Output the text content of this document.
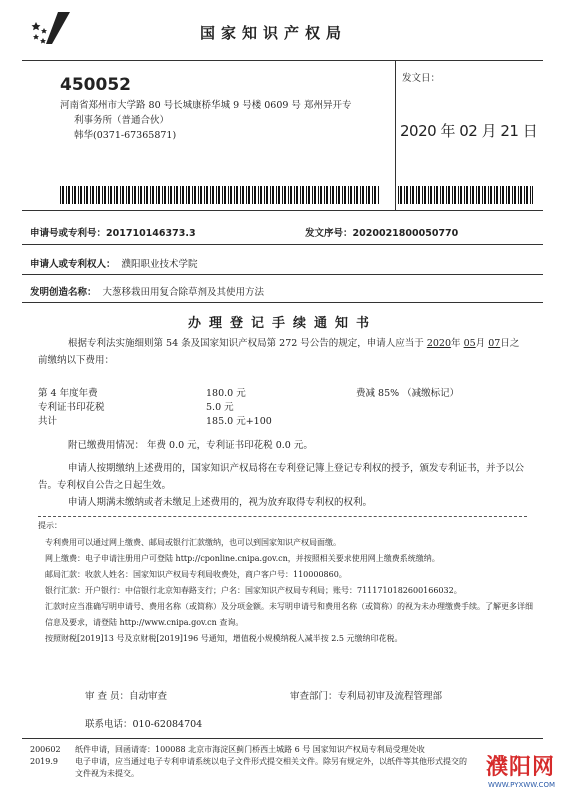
国家知识产权局
450052
河南省郑州市大学路 80 号长城康桥华城 9 号楼 0609 号 郑州异开专
利事务所（普通合伙）
韩华(0371-67365871)
发文日：
2020 年 02 月 21 日
申请号或专利号：201710146373.3	发文序号：2020021800050770
申请人或专利权人： 濮阳职业技术学院
发明创造名称： 大葱移栽田用复合除草剂及其使用方法
办理登记手续通知书
根据专利法实施细则第 54 条及国家知识产权局第 272 号公告的规定，申请人应当于 2020年 05月 07日之前缴纳以下费用：
第 4 年度年费	180.0 元	费减 85% （减缴标记）
专利证书印花税	5.0 元	
共计	185.0 元+100	
附已缴费用情况： 年费 0.0 元，专利证书印花税 0.0 元。
申请人按期缴纳上述费用的，国家知识产权局将在专利登记簿上登记专利权的授予，颁发专利证书，并予以公告。专利权自公告之日起生效。
申请人期满未缴纳或者未缴足上述费用的，视为放弃取得专利权的权利。
提示：
专利费用可以通过网上缴费、邮局或银行汇款缴纳，也可以到国家知识产权局面缴。
网上缴费：电子申请注册用户可登陆 http://cponline.cnipa.gov.cn，并按照相关要求使用网上缴费系统缴纳。
邮局汇款：收款人姓名：国家知识产权局专利局收费处，商户客户号：110000860。
银行汇款：开户银行：中信银行北京知春路支行；户名：国家知识产权局专利局；账号：7111710182600166032。
汇款时应当准确写明申请号、费用名称（或简称）及分项金额。未写明申请号和费用名称（或简称）的视为未办理缴费手续。了解更多详细信息及要求，请登陆 http://www.cnipa.gov.cn 查询。
按照财税[2019]13 号及京财税[2019]196 号通知，增值税小规模纳税人减半按 2.5 元缴纳印花税。
审 查 员：自动审查	审查部门：专利局初审及流程管理部
联系电话：010-62084704
200602
2019.9
纸件申请，回函请寄：100088 北京市海淀区蓟门桥西土城路 6 号 国家知识产权局专利局受理处收
电子申请，应当通过电子专利申请系统以电子文件形式提交相关文件。除另有规定外，以纸件等其他形式提交的
文件视为未提交。	濮阳网
WWW.PYXWW.COM
